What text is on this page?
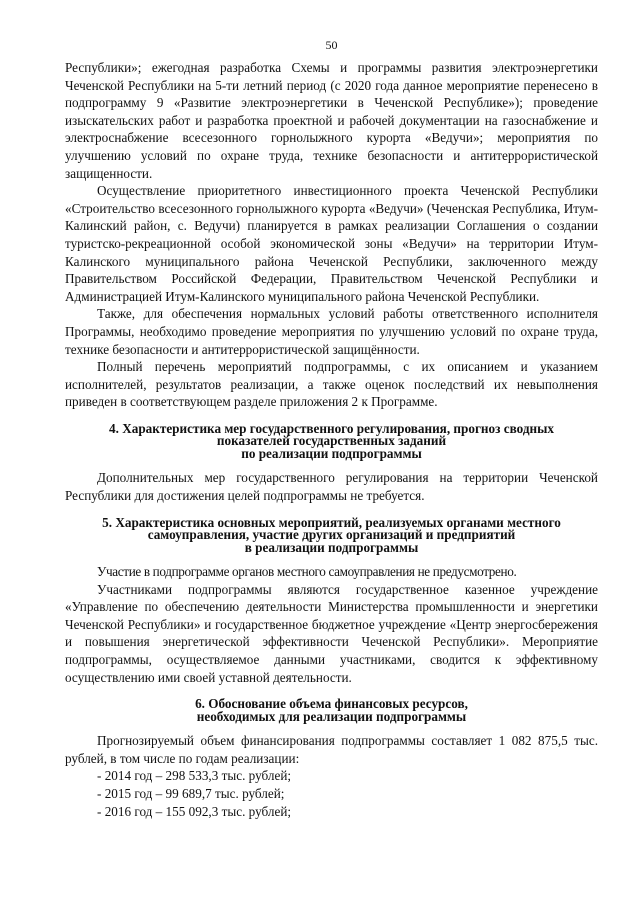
50

Республики»; ежегодная разработка Схемы и программы развития электроэнергетики Чеченской Республики на 5-ти летний период (с 2020 года данное мероприятие перенесено в подпрограмму 9 «Развитие электроэнергетики в Чеченской Республике»); проведение изыскательских работ и разработка проектной и рабочей документации на газоснабжение и электроснабжение всесезонного горнолыжного курорта «Ведучи»; мероприятия по улучшению условий по охране труда, технике безопасности и антитеррористической защищенности.

Осуществление приоритетного инвестиционного проекта Чеченской Республики «Строительство всесезонного горнолыжного курорта «Ведучи» (Чеченская Республика, Итум-Калинский район, с. Ведучи) планируется в рамках реализации Соглашения о создании туристско-рекреационной особой экономической зоны «Ведучи» на территории Итум-Калинского муниципального района Чеченской Республики, заключенного между Правительством Российской Федерации, Правительством Чеченской Республики и Администрацией Итум-Калинского муниципального района Чеченской Республики.

Также, для обеспечения нормальных условий работы ответственного исполнителя Программы, необходимо проведение мероприятия по улучшению условий по охране труда, технике безопасности и антитеррористической защищённости.

Полный перечень мероприятий подпрограммы, с их описанием и указанием исполнителей, результатов реализации, а также оценок последствий их невыполнения приведен в соответствующем разделе приложения 2 к Программе.

4. Характеристика мер государственного регулирования, прогноз сводных
показателей государственных заданий
по реализации подпрограммы

Дополнительных мер государственного регулирования на территории Чеченской Республики для достижения целей подпрограммы не требуется.

5. Характеристика основных мероприятий, реализуемых органами местного
самоуправления, участие других организаций и предприятий
в реализации подпрограммы

Участие в подпрограмме органов местного самоуправления не предусмотрено.

Участниками подпрограммы являются государственное казенное учреждение «Управление по обеспечению деятельности Министерства промышленности и энергетики Чеченской Республики» и государственное бюджетное учреждение «Центр энергосбережения и повышения энергетической эффективности Чеченской Республики». Мероприятие подпрограммы, осуществляемое данными участниками, сводится к эффективному осуществлению ими своей уставной деятельности.

6. Обоснование объема финансовых ресурсов,
необходимых для реализации подпрограммы

Прогнозируемый объем финансирования подпрограммы составляет 1 082 875,5 тыс. рублей, в том числе по годам реализации:

- 2014 год – 298 533,3 тыс. рублей;
- 2015 год – 99 689,7 тыс. рублей;
- 2016 год – 155 092,3 тыс. рублей;
